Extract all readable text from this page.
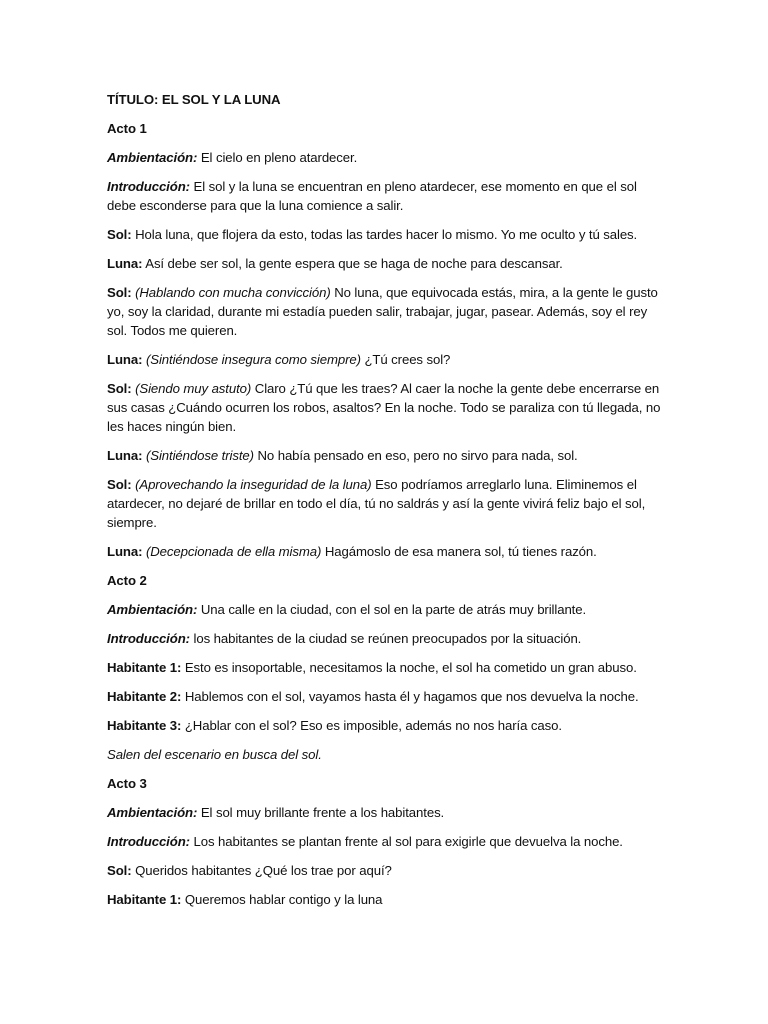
TÍTULO: EL SOL Y LA LUNA

Acto 1

Ambientación: El cielo en pleno atardecer.

Introducción: El sol y la luna se encuentran en pleno atardecer, ese momento en que el sol debe esconderse para que la luna comience a salir.

Sol: Hola luna, que flojera da esto, todas las tardes hacer lo mismo. Yo me oculto y tú sales.

Luna: Así debe ser sol, la gente espera que se haga de noche para descansar.

Sol: (Hablando con mucha convicción) No luna, que equivocada estás, mira, a la gente le gusto yo, soy la claridad, durante mi estadía pueden salir, trabajar, jugar, pasear. Además, soy el rey sol. Todos me quieren.

Luna: (Sintiéndose insegura como siempre) ¿Tú crees sol?

Sol: (Siendo muy astuto) Claro ¿Tú que les traes? Al caer la noche la gente debe encerrarse en sus casas ¿Cuándo ocurren los robos, asaltos? En la noche. Todo se paraliza con tú llegada, no les haces ningún bien.

Luna: (Sintiéndose triste) No había pensado en eso, pero no sirvo para nada, sol.

Sol: (Aprovechando la inseguridad de la luna) Eso podríamos arreglarlo luna. Eliminemos el atardecer, no dejaré de brillar en todo el día, tú no saldrás y así la gente vivirá feliz bajo el sol, siempre.

Luna: (Decepcionada de ella misma) Hagámoslo de esa manera sol, tú tienes razón.

Acto 2

Ambientación: Una calle en la ciudad, con el sol en la parte de atrás muy brillante.

Introducción: los habitantes de la ciudad se reúnen preocupados por la situación.

Habitante 1: Esto es insoportable, necesitamos la noche, el sol ha cometido un gran abuso.

Habitante 2: Hablemos con el sol, vayamos hasta él y hagamos que nos devuelva la noche.

Habitante 3: ¿Hablar con el sol? Eso es imposible, además no nos haría caso.

Salen del escenario en busca del sol.

Acto 3

Ambientación: El sol muy brillante frente a los habitantes.

Introducción: Los habitantes se plantan frente al sol para exigirle que devuelva la noche.

Sol: Queridos habitantes ¿Qué los trae por aquí?

Habitante 1: Queremos hablar contigo y la luna
